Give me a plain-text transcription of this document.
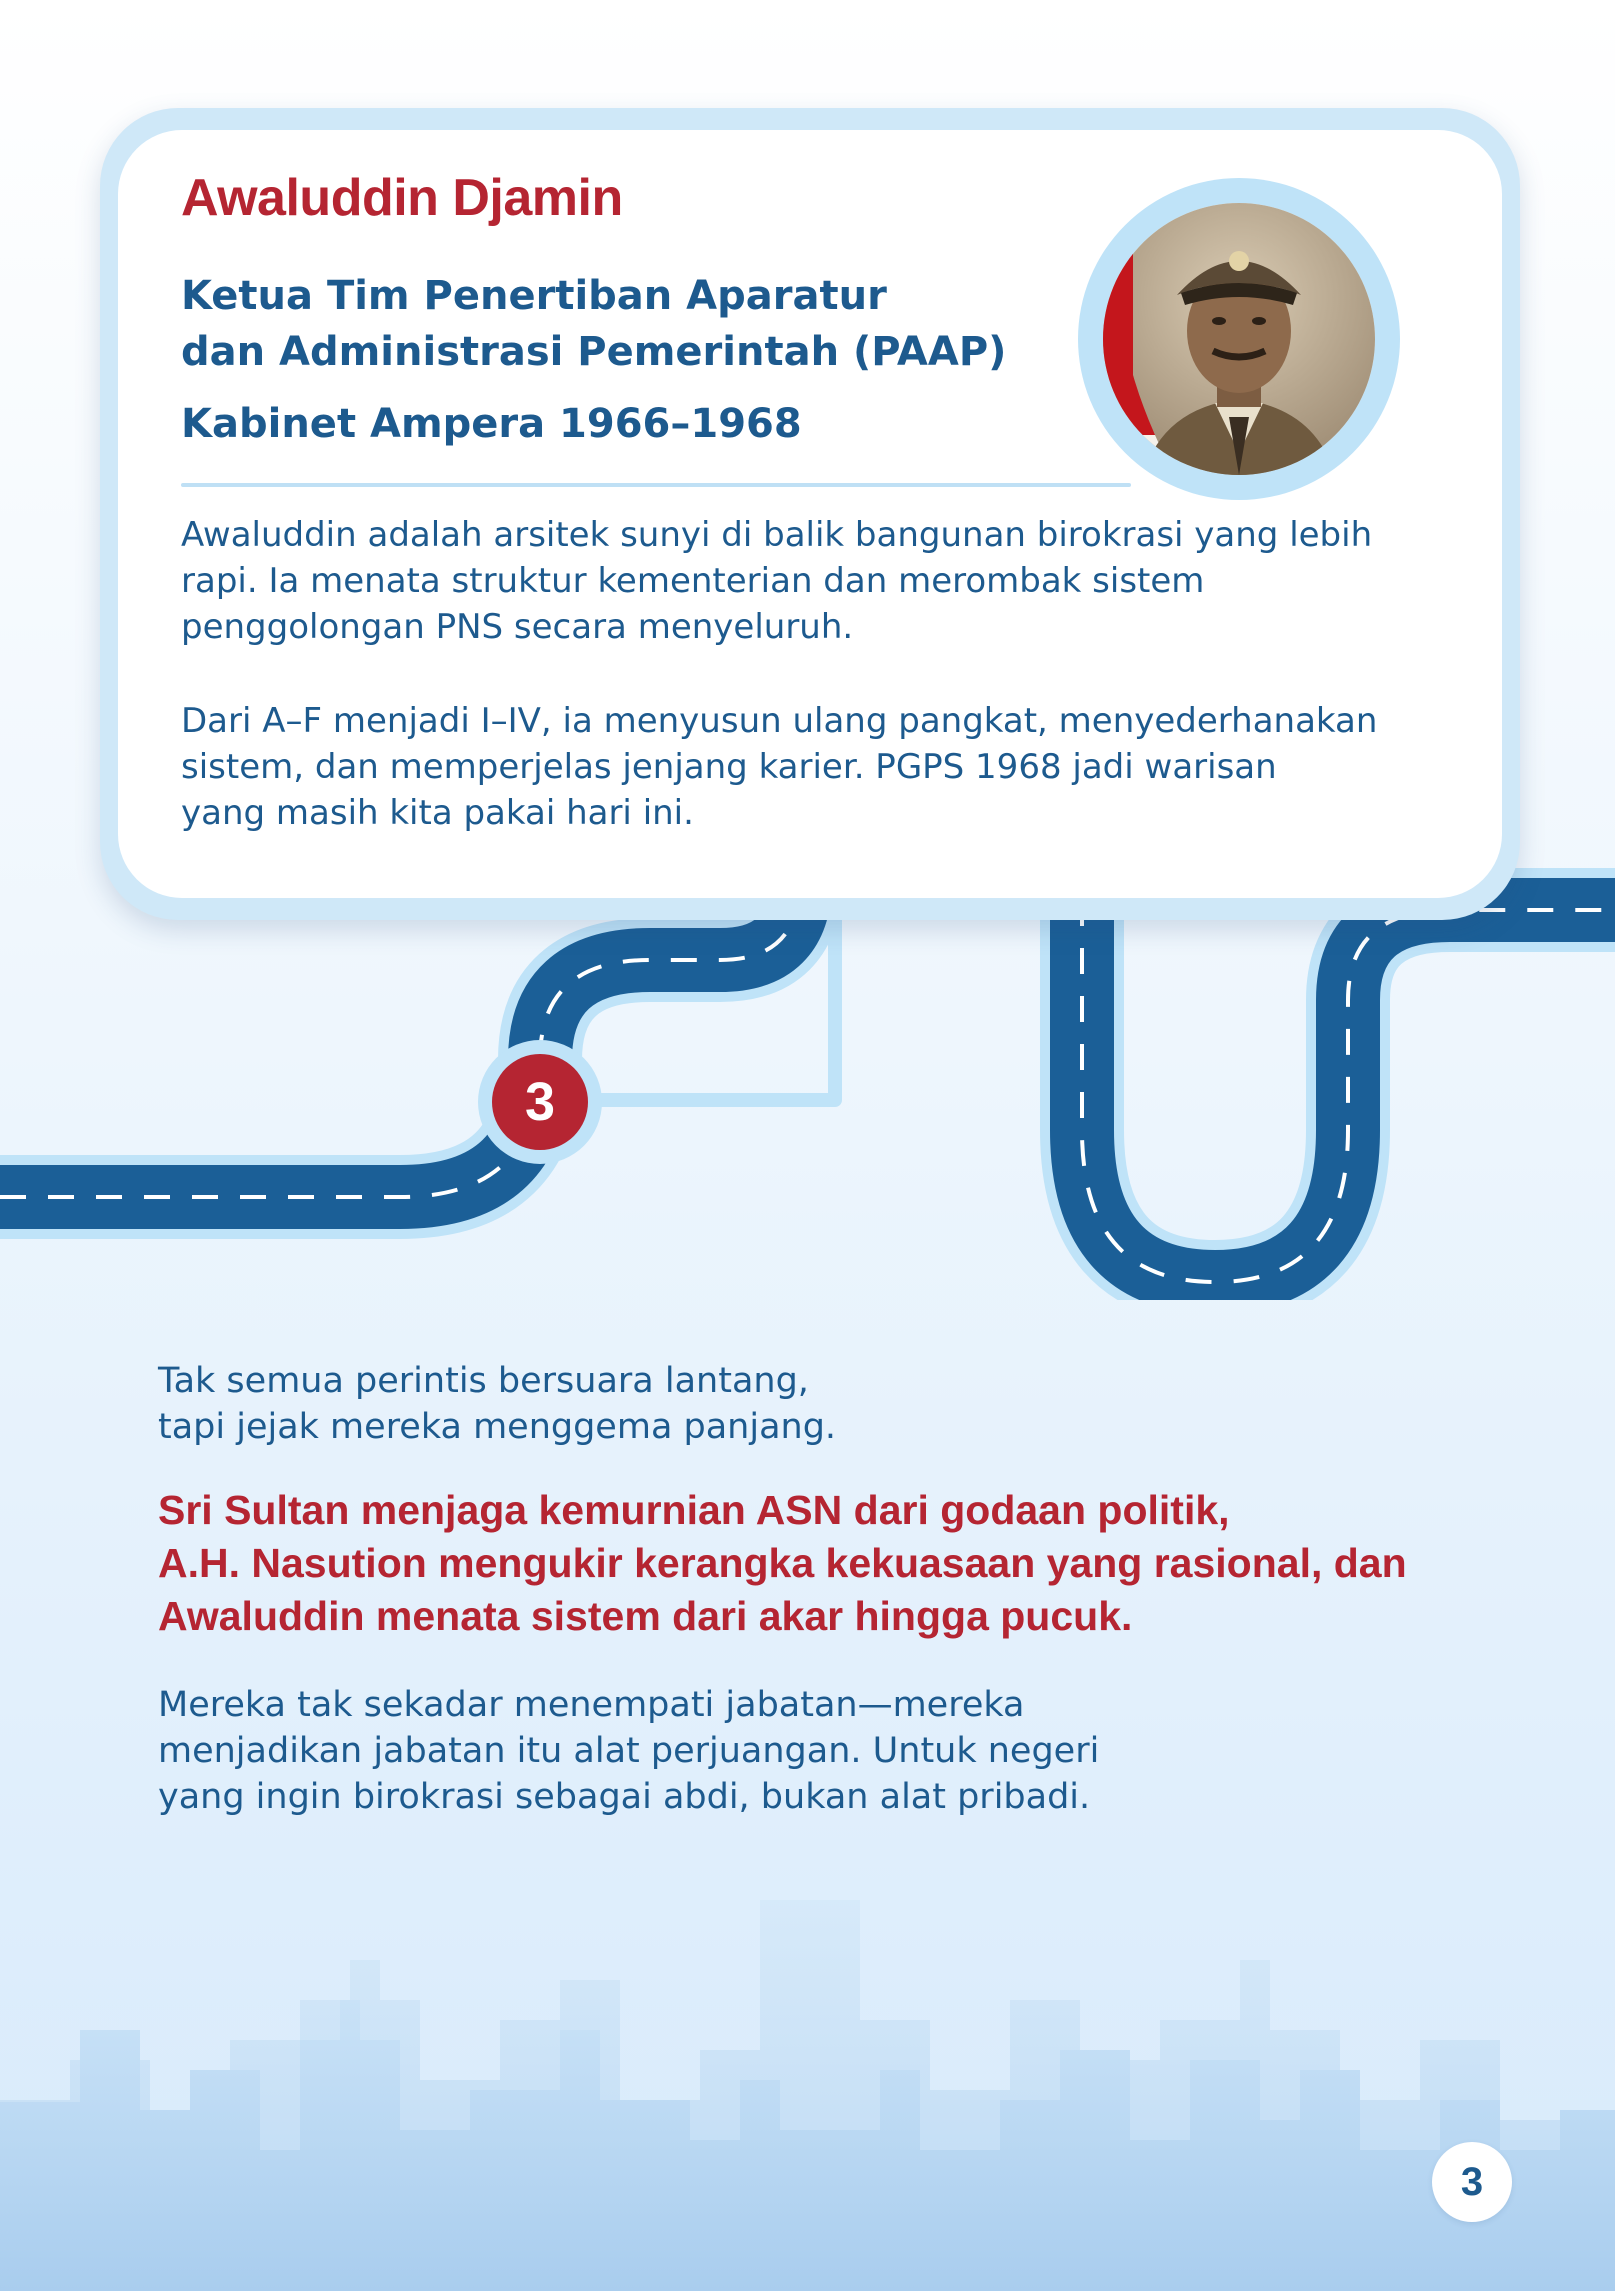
Awaluddin Djamin
Ketua Tim Penertiban Aparatur
dan Administrasi Pemerintah (PAAP)
Kabinet Ampera 1966–1968

Awaluddin adalah arsitek sunyi di balik bangunan birokrasi yang lebih
rapi. Ia menata struktur kementerian dan merombak sistem
penggolongan PNS secara menyeluruh.

Dari A–F menjadi I–IV, ia menyusun ulang pangkat, menyederhanakan
sistem, dan memperjelas jenjang karier. PGPS 1968 jadi warisan
yang masih kita pakai hari ini.

3
Tak semua perintis bersuara lantang,
tapi jejak mereka menggema panjang.
Sri Sultan menjaga kemurnian ASN dari godaan politik,
A.H. Nasution mengukir kerangka kekuasaan yang rasional, dan
Awaluddin menata sistem dari akar hingga pucuk.
Mereka tak sekadar menempati jabatan—mereka
menjadikan jabatan itu alat perjuangan. Untuk negeri
yang ingin birokrasi sebagai abdi, bukan alat pribadi.
3
